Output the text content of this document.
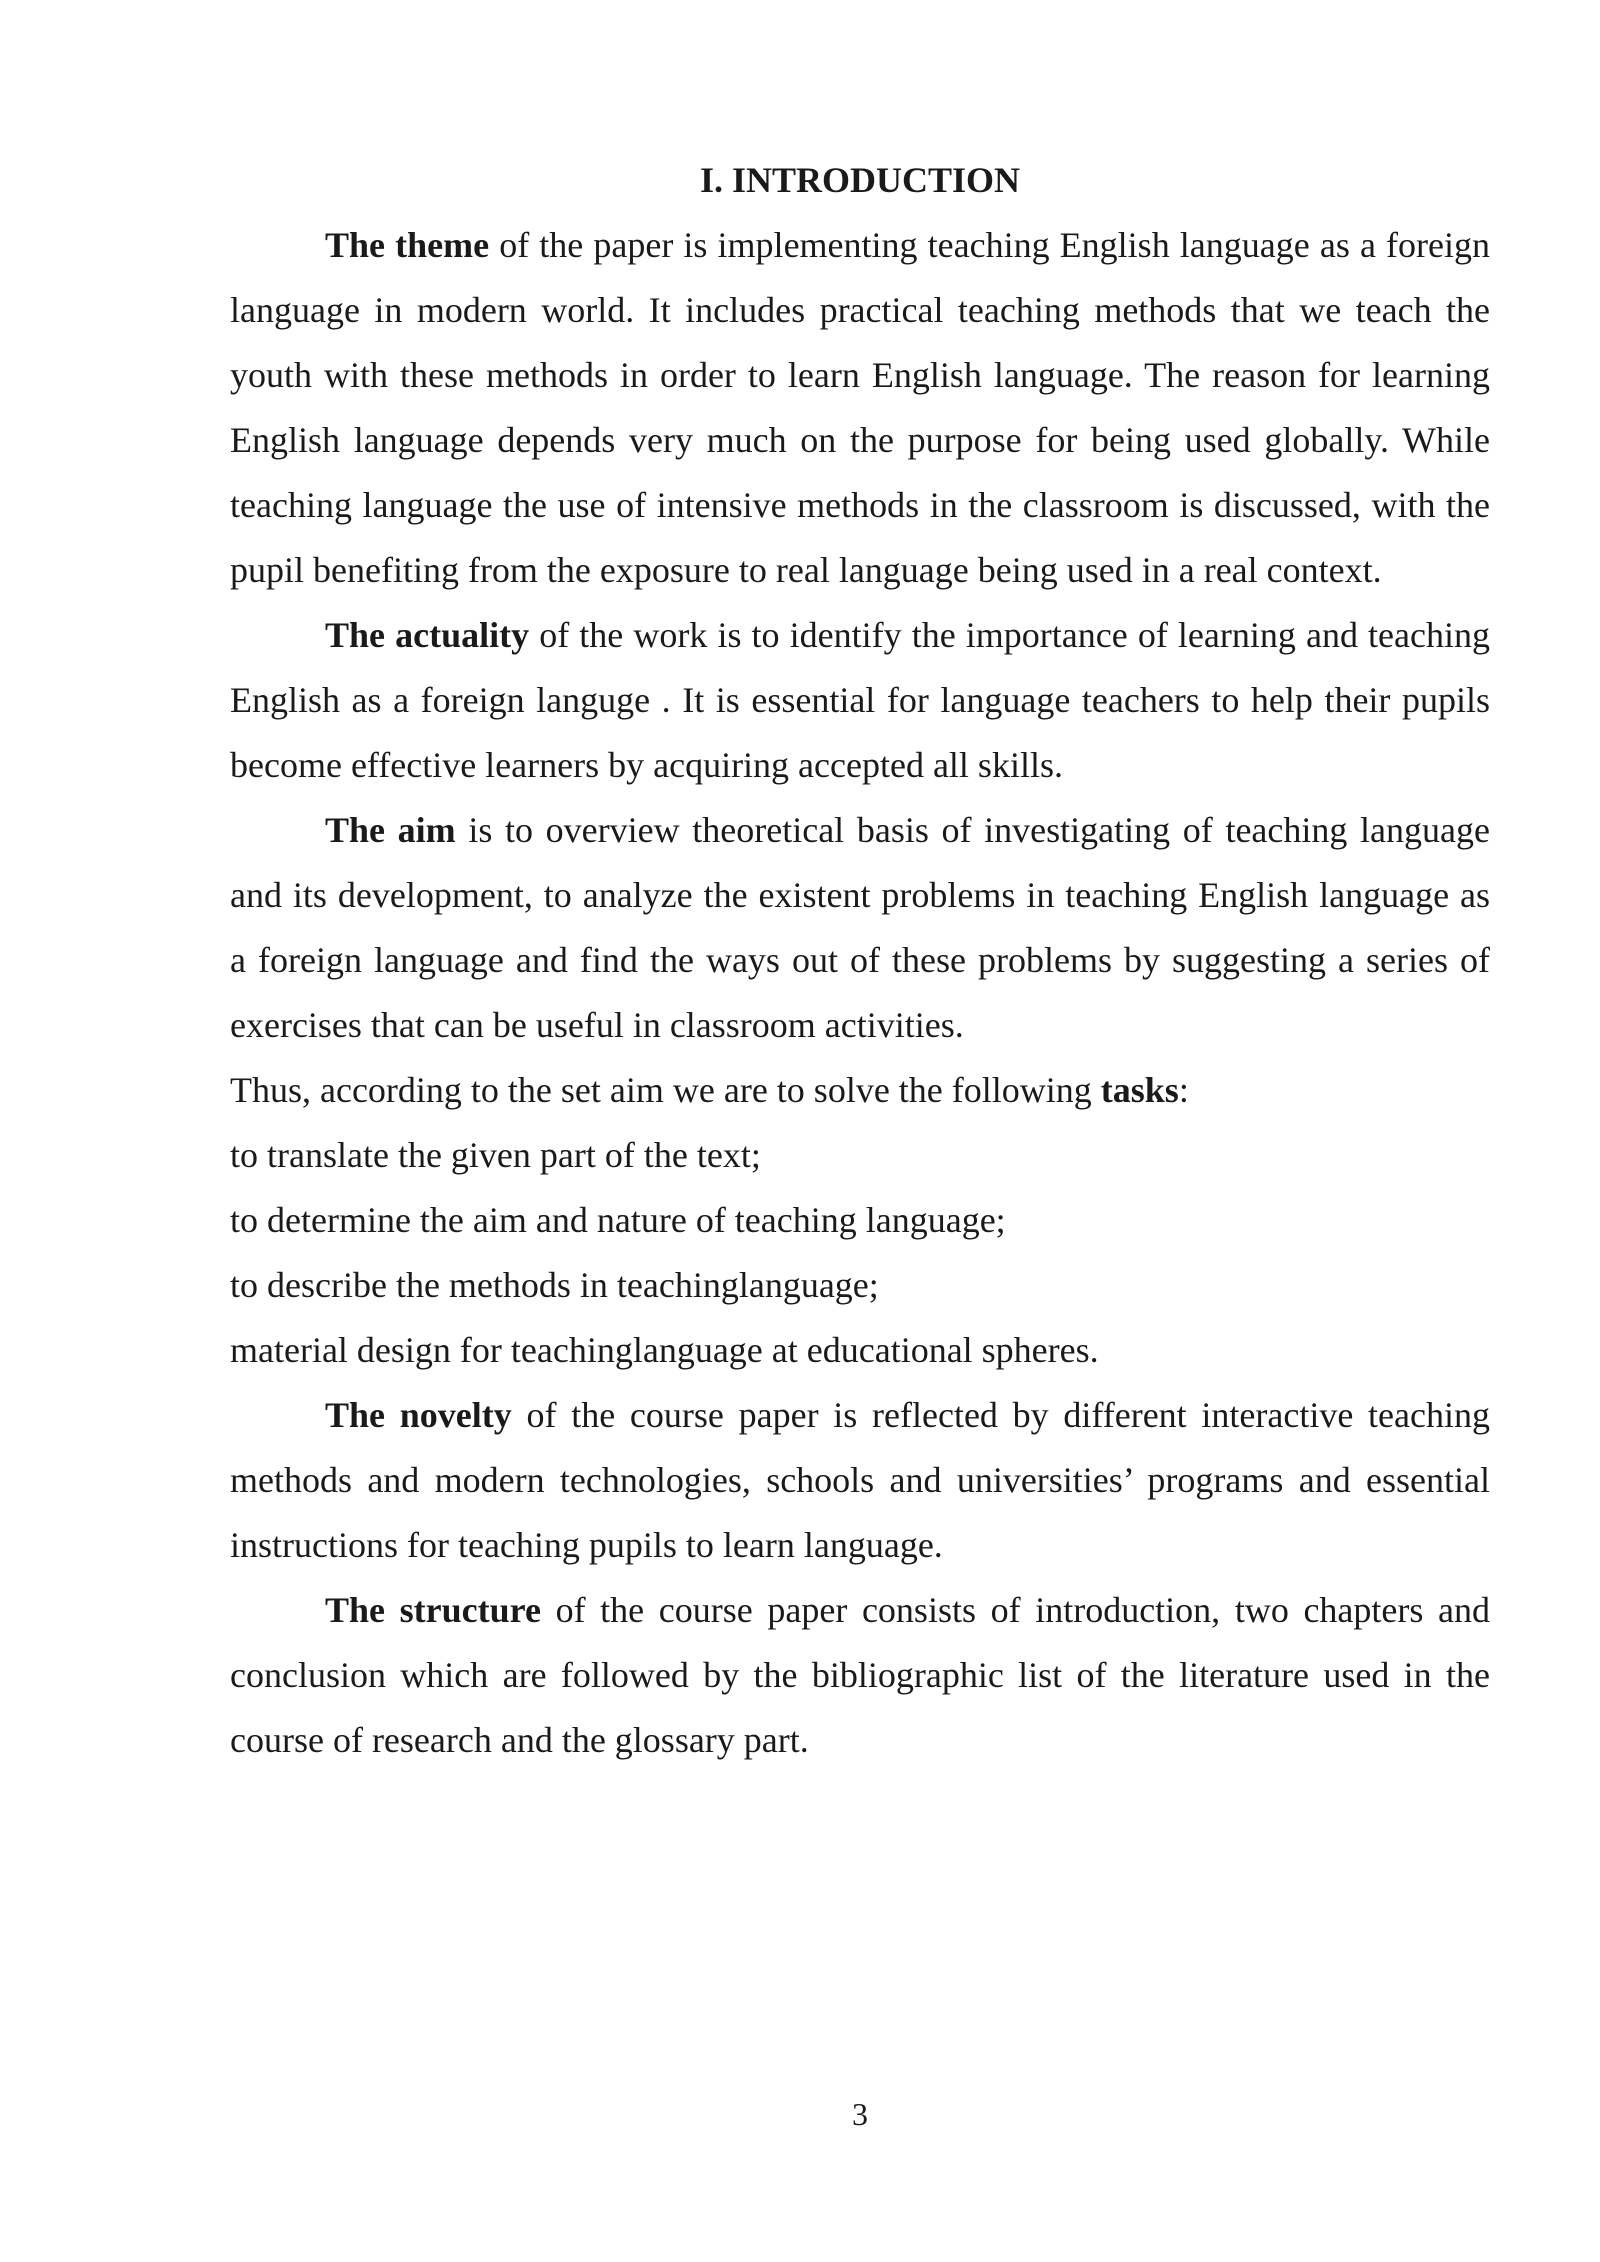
I. INTRODUCTION

The theme of the paper is implementing teaching English language as a foreign language in modern world. It includes practical teaching methods that we teach the youth with these methods in order to learn English language. The reason for learning English language depends very much on the purpose for being used globally. While teaching language the use of intensive methods in the classroom is discussed, with the pupil benefiting from the exposure to real language being used in a real context.

The actuality of the work is to identify the importance of learning and teaching English as a foreign languge . It is essential for language teachers to help their pupils become effective learners by acquiring accepted all skills.

The aim is to overview theoretical basis of investigating of teaching language and its development, to analyze the existent problems in teaching English language as a foreign language and find the ways out of these problems by suggesting a series of exercises that can be useful in classroom activities.

Thus, according to the set aim we are to solve the following tasks:

to translate the given part of the text;

to determine the aim and nature of teaching language;

to describe the methods in teachinglanguage;

material design for teachinglanguage at educational spheres.

The novelty of the course paper is reflected by different interactive teaching methods and modern technologies, schools and universities’ programs and essential instructions for teaching pupils to learn language.

The structure of the course paper consists of introduction, two chapters and conclusion which are followed by the bibliographic list of the literature used in the course of research and the glossary part.

3
